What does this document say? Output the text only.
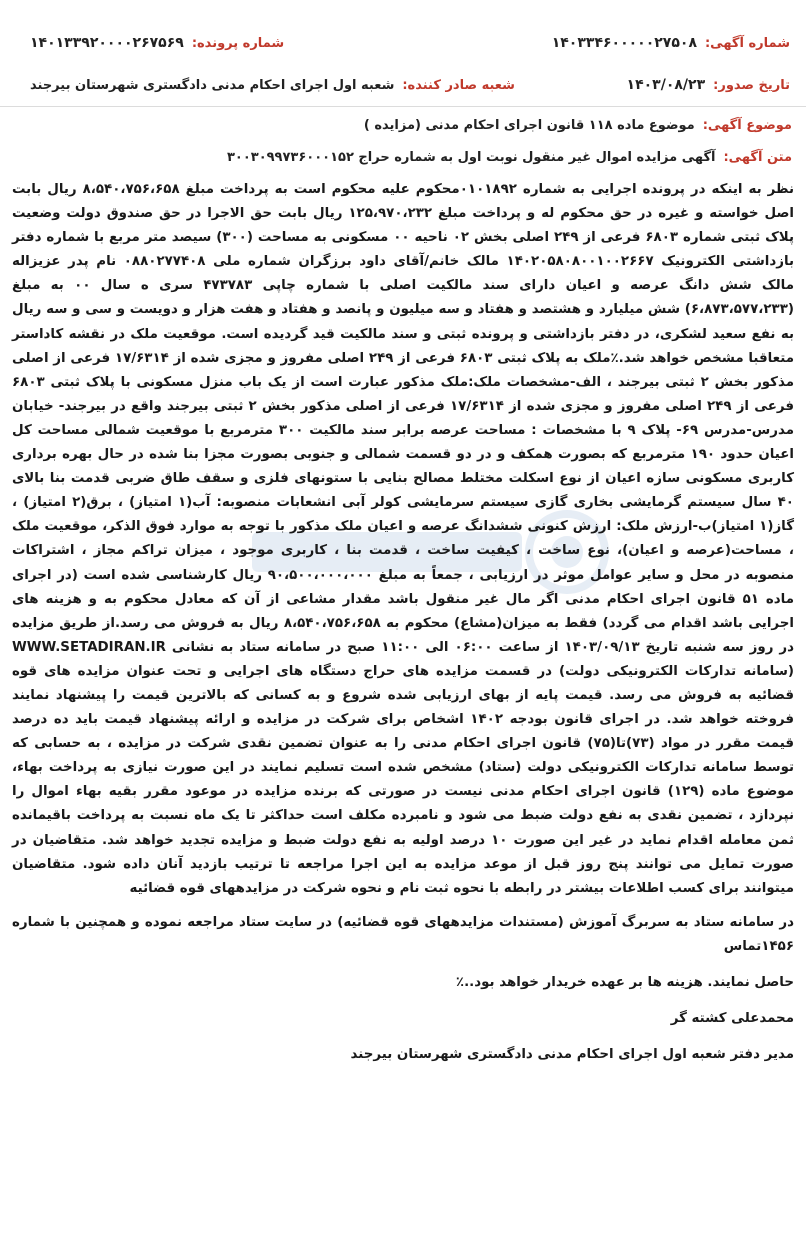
شماره آگهی:
۱۴۰۳۳۴۶۰۰۰۰۰۲۷۵۰۸
شماره پرونده:
۱۴۰۱۳۳۹۲۰۰۰۰۲۶۷۵۶۹
تاریخ صدور:
۱۴۰۳/۰۸/۲۳
شعبه صادر کننده:
شعبه اول اجرای احکام مدنی دادگستری شهرستان بیرجند
موضوع آگهی:
موضوع ماده ۱۱۸ قانون اجرای احکام مدنی (مزایده )
متن آگهی:
آگهی مزایده اموال غیر منقول نوبت اول به شماره حراج ۳۰۰۳۰۹۹۷۳۶۰۰۰۱۵۲

نظر به اینکه در پرونده اجرایی به شماره ۰۱۰۱۸۹۲محکوم علیه محکوم است به پرداخت مبلغ ۸،۵۴۰،۷۵۶،۶۵۸ ریال بابت اصل خواسته و غیره در حق محکوم له و پرداخت مبلغ ۱۲۵،۹۷۰،۲۳۲ ریال بابت حق الاجرا در حق صندوق دولت وضعیت پلاک ثبتی شماره ۶۸۰۳ فرعی از ۲۴۹ اصلی بخش ۰۲ ناحیه ۰۰ مسکونی به مساحت (۳۰۰) سیصد متر مربع با شماره دفتر بازداشتی الکترونیک ۱۴۰۲۰۵۸۰۸۰۰۱۰۰۲۶۶۷ مالک خانم/آقای داود برزگران شماره ملی ۰۸۸۰۲۷۷۴۰۸ نام پدر عزیزاله مالک شش دانگ عرصه و اعیان دارای سند مالکیت اصلی با شماره چاپی ۴۷۳۷۸۳ سری ه سال ۰۰ به مبلغ (۶،۸۷۳،۵۷۷،۲۳۳) شش میلیارد و هشتصد و هفتاد و سه میلیون و پانصد و هفتاد و هفت هزار و دویست و سی و سه ریال به نفع سعید لشکری، در دفتر بازداشتی و پرونده ثبتی و سند مالکیت قید گردیده است. موقعیت ملک در نقشه کاداستر متعاقبا مشخص خواهد شد.٪ملک به پلاک ثبتی ۶۸۰۳ فرعی از ۲۴۹ اصلی مفروز و مجزی شده از ۱۷/۶۳۱۴ فرعی از اصلی مذکور بخش ۲ ثبتی بیرجند ، الف-مشخصات ملک:ملک مذکور عبارت است از یک باب منزل مسکونی با پلاک ثبتی ۶۸۰۳ فرعی از ۲۴۹ اصلی مفروز و مجزی شده از ۱۷/۶۳۱۴ فرعی از اصلی مذکور بخش ۲ ثبتی بیرجند واقع در بیرجند- خیابان مدرس-مدرس ۶۹- پلاک ۹ با مشخصات : مساحت عرصه برابر سند مالکیت ۳۰۰ مترمربع با موقعیت شمالی مساحت کل اعیان حدود ۱۹۰ مترمربع که بصورت همکف و در دو قسمت شمالی و جنوبی بصورت مجزا بنا شده در حال بهره برداری کاربری مسکونی سازه اعیان از نوع اسکلت مختلط مصالح بنایی با ستونهای فلزی و سقف طاق ضربی قدمت بنا بالای ۴۰ سال سیستم گرمایشی بخاری گازی سیستم سرمایشی کولر آبی انشعابات منصوبه: آب(۱ امتیاز) ، برق(۲ امتیاز) ، گاز(۱ امتیاز)ب-ارزش ملک: ارزش کنونی ششدانگ عرصه و اعیان ملک مذکور با توجه به موارد فوق الذکر، موقعیت ملک ، مساحت(عرصه و اعیان)، نوع ساخت ، کیفیت ساخت ، قدمت بنا ، کاربری موجود ، میزان تراکم مجاز ، اشتراکات منصوبه در محل و سایر عوامل موثر در ارزیابی ، جمعاً به مبلغ ۹۰،۵۰۰،۰۰۰،۰۰۰ ریال کارشناسی شده است (در اجرای ماده ۵۱ قانون اجرای احکام مدنی اگر مال غیر منقول باشد مقدار مشاعی از آن که معادل محکوم به و هزینه های اجرایی باشد اقدام می گردد) فقط به میزان(مشاع) محکوم به ۸،۵۴۰،۷۵۶،۶۵۸ ریال به فروش می رسد.از طریق مزایده در روز سه شنبه تاریخ ۱۴۰۳/۰۹/۱۳ از ساعت ۰۶:۰۰ الی ۱۱:۰۰ صبح در سامانه ستاد به نشانی WWW.SETADIRAN.IR (سامانه تدارکات الکترونیکی دولت) در قسمت مزایده های حراج دستگاه های اجرایی و تحت عنوان مزایده های قوه قضائیه به فروش می رسد. قیمت پایه از بهای ارزیابی شده شروع و به کسانی که بالاترین قیمت را پیشنهاد نمایند فروخته خواهد شد. در اجرای قانون بودجه ۱۴۰۲ اشخاص برای شرکت در مزایده و ارائه پیشنهاد قیمت باید ده درصد قیمت مقرر در مواد (۷۳)تا(۷۵) قانون اجرای احکام مدنی را به عنوان تضمین نقدی شرکت در مزایده ، به حسابی که توسط سامانه تدارکات الکترونیکی دولت (ستاد) مشخص شده است تسلیم نمایند در این صورت نیازی به پرداخت بهاء، موضوع ماده (۱۲۹) قانون اجرای احکام مدنی نیست در صورتی که برنده مزایده در موعود مقرر بقیه بهاء اموال را نپردازد ، تضمین نقدی به نفع دولت ضبط می شود و نامبرده مکلف است حداکثر تا یک ماه نسبت به پرداخت باقیمانده ثمن معامله اقدام نماید در غیر این صورت ۱۰ درصد اولیه به نفع دولت ضبط و مزایده تجدید خواهد شد. متقاضیان در صورت تمایل می توانند پنج روز قبل از موعد مزایده به این اجرا مراجعه تا ترتیب بازدید آنان داده شود. متقاضیان میتوانند برای کسب اطلاعات بیشتر در رابطه با نحوه ثبت نام و نحوه شرکت در مزایدههای قوه قضائیه

در سامانه ستاد به سربرگ آموزش (مستندات مزایدههای قوه قضائیه) در سایت ستاد مراجعه نموده و همچنین با شماره ۱۴۵۶تماس

حاصل نمایند. هزینه ها بر عهده خریدار خواهد بود..٪

محمدعلی کشته گر

مدیر دفتر شعبه اول اجرای احکام مدنی دادگستری شهرستان بیرجند
